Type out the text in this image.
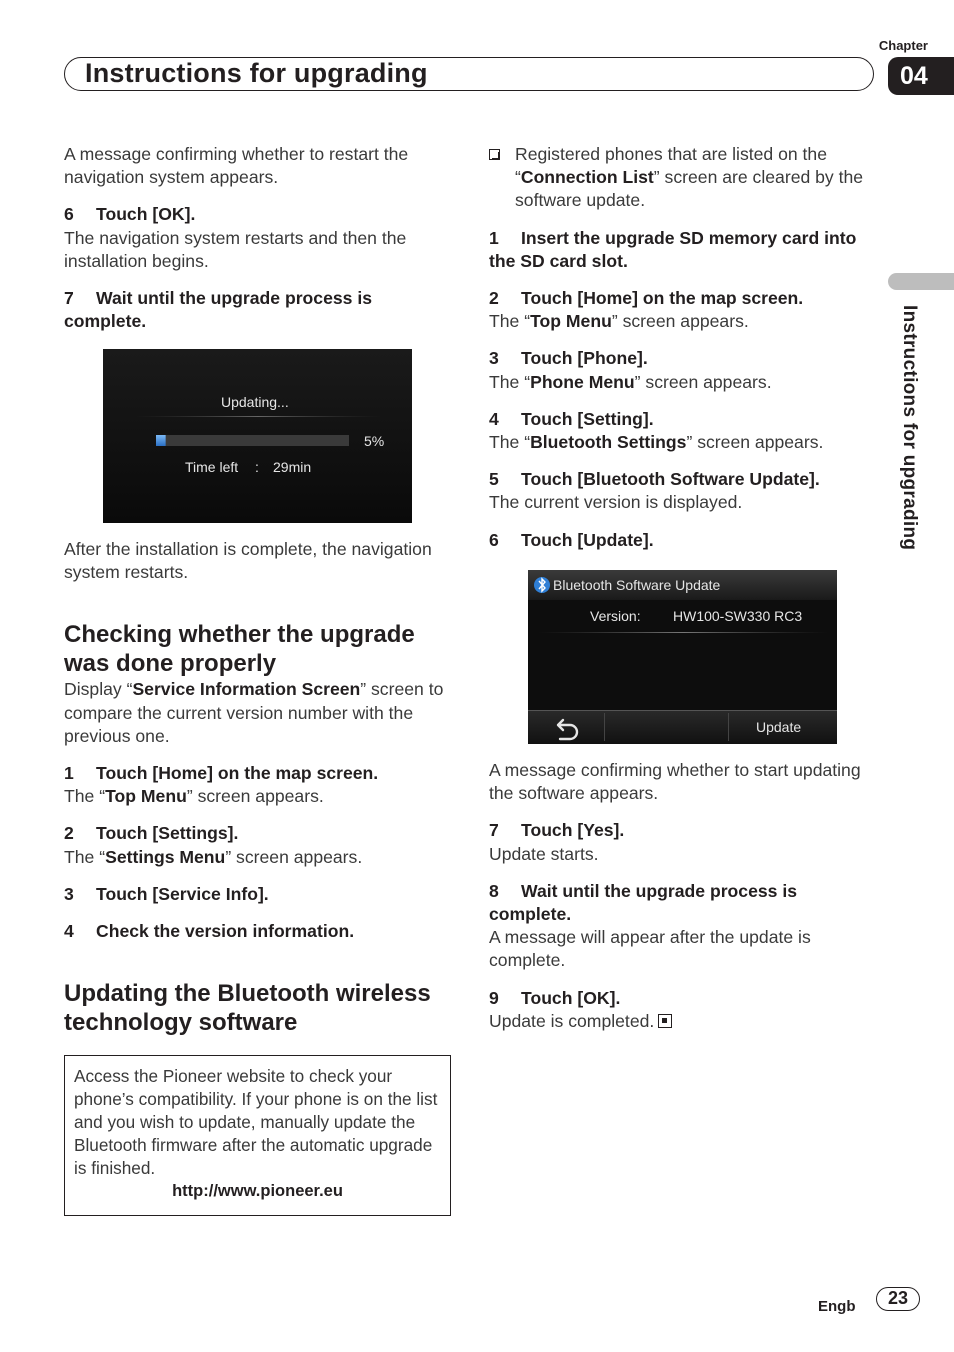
Chapter
Instructions for upgrading	04
Instructions for upgrading

A message confirming whether to restart the navigation system appears.

6 Touch [OK].

The navigation system restarts and then the installation begins.

7 Wait until the upgrade process is complete.

Updating...
5%
Time left : 29min

After the installation is complete, the navigation system restarts.

Checking whether the upgrade was done properly

Display “Service Information Screen” screen to compare the current version number with the previous one.

1 Touch [Home] on the map screen.

The “Top Menu” screen appears.

2 Touch [Settings].

The “Settings Menu” screen appears.

3 Touch [Service Info].

4 Check the version information.

Updating the Bluetooth wireless technology software

Access the Pioneer website to check your phone’s compatibility. If your phone is on the list and you wish to update, manually update the Bluetooth firmware after the automatic upgrade is finished.
http://www.pioneer.eu
Registered phones that are listed on the “Connection List” screen are cleared by the software update.

1 Insert the upgrade SD memory card into the SD card slot.

2 Touch [Home] on the map screen.

The “Top Menu” screen appears.

3 Touch [Phone].

The “Phone Menu” screen appears.

4 Touch [Setting].

The “Bluetooth Settings” screen appears.

5 Touch [Bluetooth Software Update].

The current version is displayed.

6 Touch [Update].

Bluetooth Software Update
Version: HW100-SW330 RC3
Update

A message confirming whether to start updating the software appears.

7 Touch [Yes].

Update starts.

8 Wait until the upgrade process is complete.

A message will appear after the update is complete.

9 Touch [OK].

Update is completed.

Engb	23
